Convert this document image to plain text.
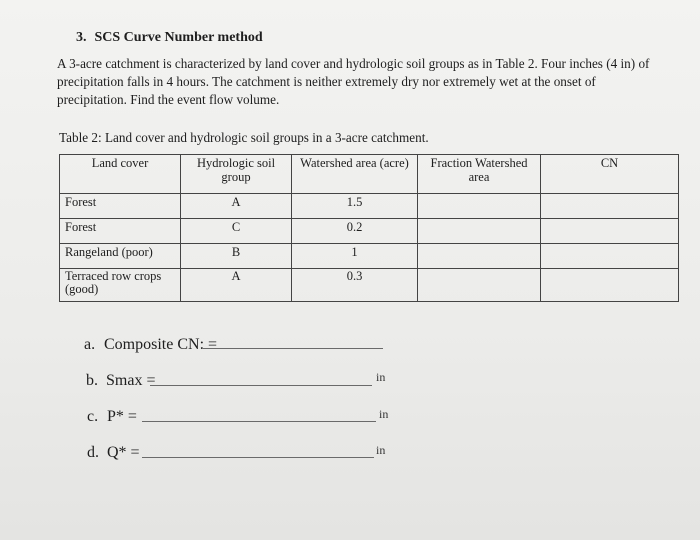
3. SCS Curve Number method
A 3-acre catchment is characterized by land cover and hydrologic soil groups as in Table 2. Four inches (4 in) of precipitation falls in 4 hours. The catchment is neither extremely dry nor extremely wet at the onset of precipitation. Find the event flow volume.
Table 2: Land cover and hydrologic soil groups in a 3-acre catchment.
Land cover	Hydrologic soil group	Watershed area (acre)	Fraction Watershed area	CN
Forest	A	1.5		
Forest	C	0.2		
Rangeland (poor)	B	1		
Terraced row crops (good)	A	0.3		
a. Composite CN: =
b. Smax =	in
c. P* =	in
d. Q* =	in
